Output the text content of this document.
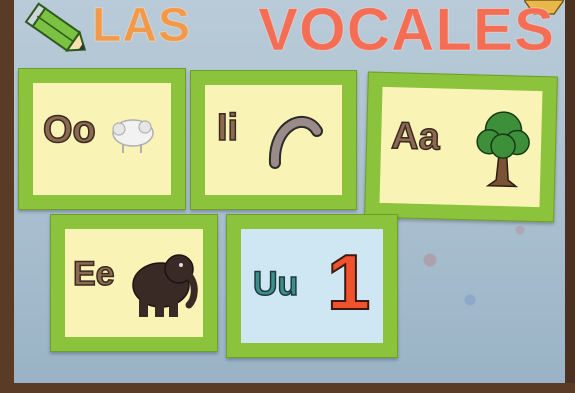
LAS VOCALES
Oo	Ii	Aa
Ee	Uu 1
